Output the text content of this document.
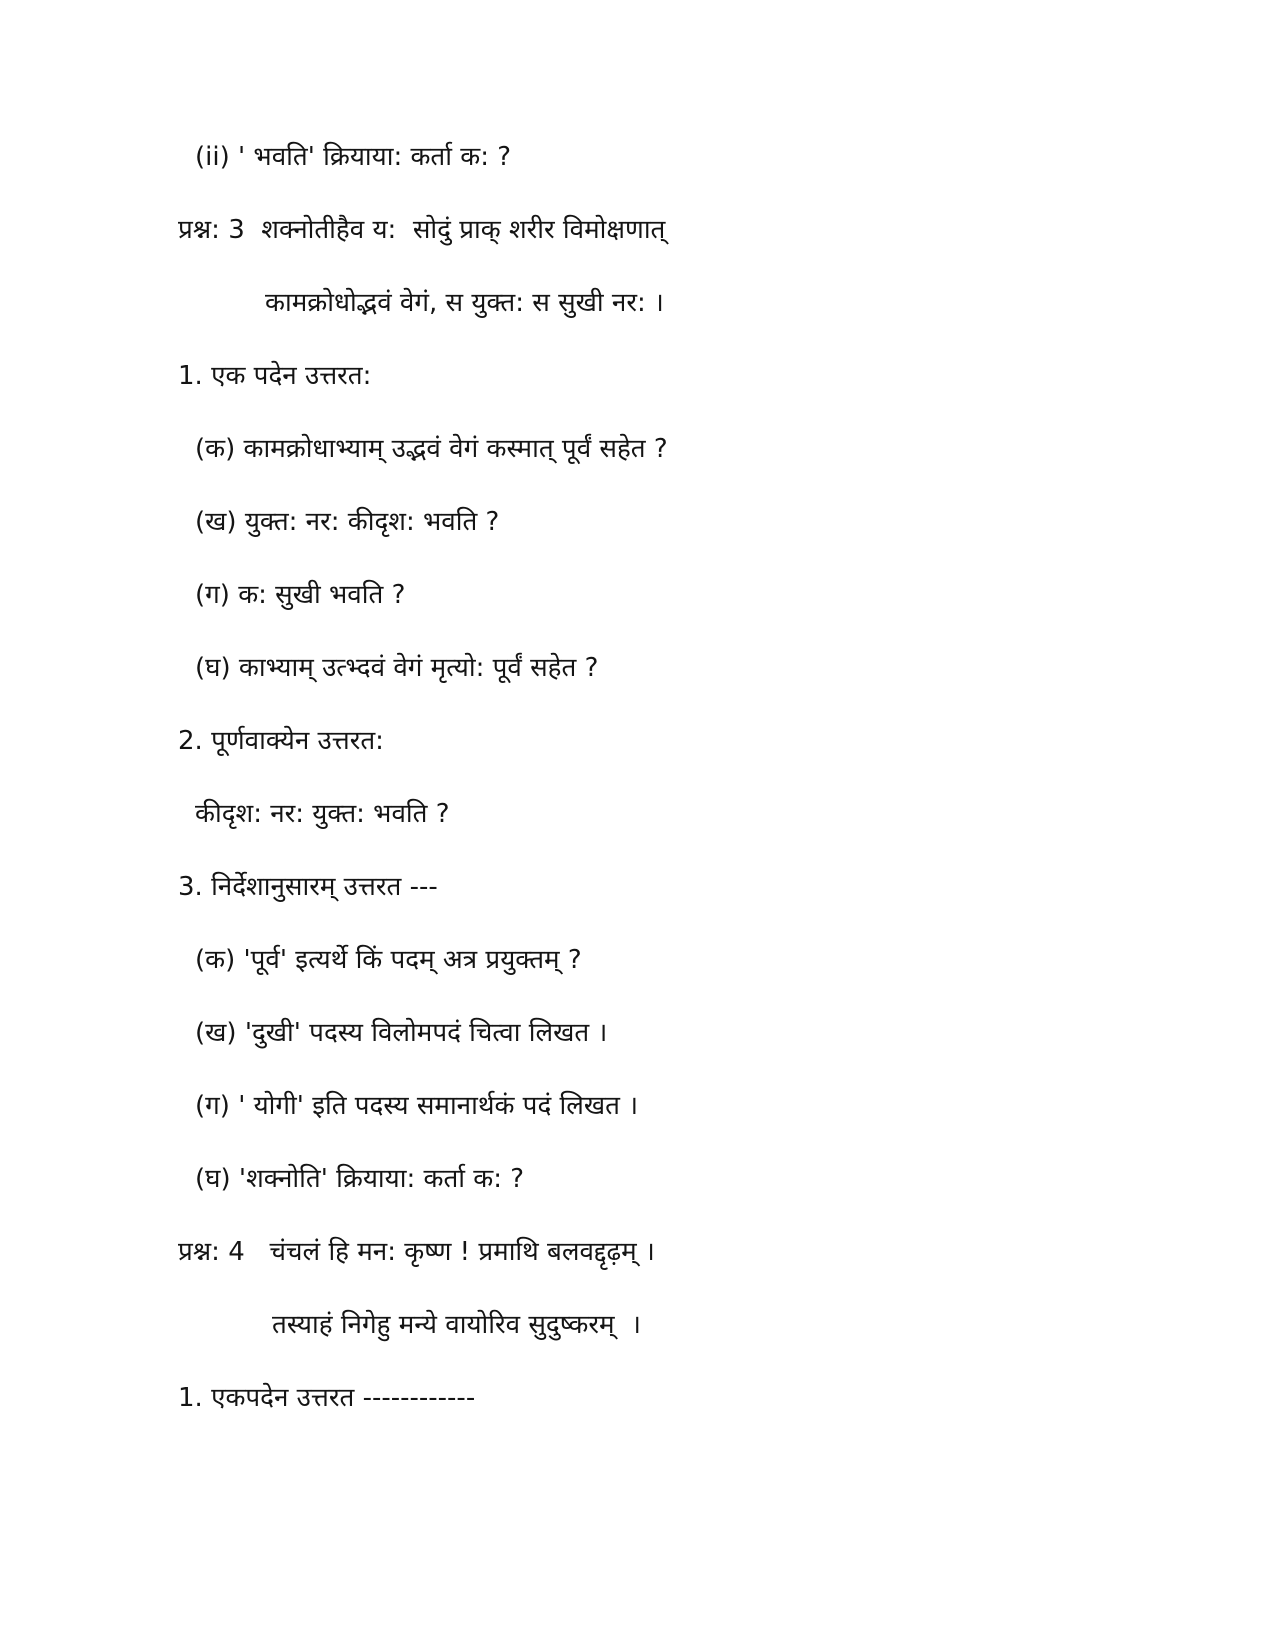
(ii) ' भवति' क्रियाया: कर्ता क: ?
प्रश्न: 3  शक्नोतीहैव य:  सोदुं प्राक् शरीर विमोक्षणात्
कामक्रोधोद्भवं वेगं, स युक्त: स सुखी नर: ।
1. एक पदेन उत्तरत:
(क) कामक्रोधाभ्याम् उद्भवं वेगं कस्मात् पूर्वं सहेत ?
(ख) युक्त: नर: कीदृश: भवति ?
(ग) क: सुखी भवति ?
(घ) काभ्याम् उत्भ्दवं वेगं मृत्यो: पूर्वं सहेत ?
2. पूर्णवाक्येन उत्तरत:
कीदृश: नर: युक्त: भवति ?
3. निर्देशानुसारम् उत्तरत ---
(क) 'पूर्व' इत्यर्थे किं पदम् अत्र प्रयुक्तम् ?
(ख) 'दुखी' पदस्य विलोमपदं चित्वा लिखत ।
(ग) ' योगी' इति पदस्य समानार्थकं पदं लिखत ।
(घ) 'शक्नोति' क्रियाया: कर्ता क: ?
प्रश्न: 4   चंचलं हि मन: कृष्ण ! प्रमाथि बलवद्दृढ़म् ।
तस्याहं निगेहु मन्ये वायोरिव सुदुष्करम्  ।
1. एकपदेन उत्तरत ------------
